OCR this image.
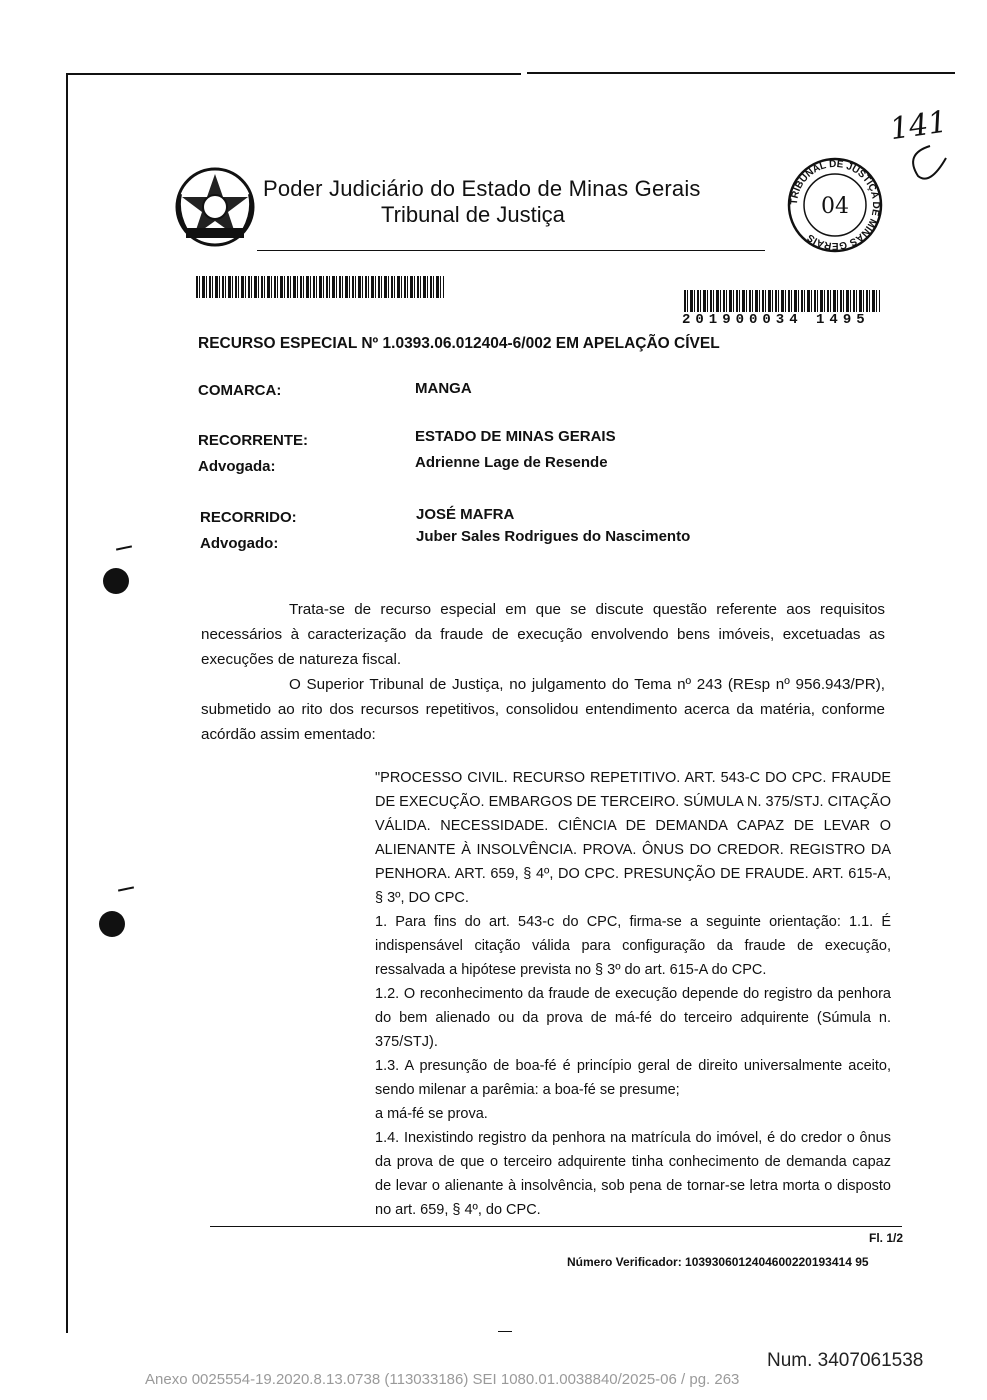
Poder Judiciário do Estado de Minas Gerais
Tribunal de Justiça
TRIBUNAL DE JUSTIÇA DE MINAS GERAIS
04
141
201900034 1495
RECURSO ESPECIAL Nº 1.0393.06.012404-6/002 EM APELAÇÃO CÍVEL
COMARCA:	MANGA
RECORRENTE:	ESTADO DE MINAS GERAIS
Advogada:	Adrienne Lage de Resende
RECORRIDO:	JOSÉ MAFRA
Advogado:	Juber Sales Rodrigues do Nascimento

Trata-se de recurso especial em que se discute questão referente aos requisitos necessários à caracterização da fraude de execução envolvendo bens imóveis, excetuadas as execuções de natureza fiscal.

O Superior Tribunal de Justiça, no julgamento do Tema nº 243 (REsp nº 956.943/PR), submetido ao rito dos recursos repetitivos, consolidou entendimento acerca da matéria, conforme acórdão assim ementado:

"PROCESSO CIVIL. RECURSO REPETITIVO. ART. 543-C DO CPC. FRAUDE DE EXECUÇÃO. EMBARGOS DE TERCEIRO. SÚMULA N. 375/STJ. CITAÇÃO VÁLIDA. NECESSIDADE. CIÊNCIA DE DEMANDA CAPAZ DE LEVAR O ALIENANTE À INSOLVÊNCIA. PROVA. ÔNUS DO CREDOR. REGISTRO DA PENHORA. ART. 659, § 4º, DO CPC. PRESUNÇÃO DE FRAUDE. ART. 615-A, § 3º, DO CPC.

1. Para fins do art. 543-c do CPC, firma-se a seguinte orientação: 1.1. É indispensável citação válida para configuração da fraude de execução, ressalvada a hipótese prevista no § 3º do art. 615-A do CPC.

1.2. O reconhecimento da fraude de execução depende do registro da penhora do bem alienado ou da prova de má-fé do terceiro adquirente (Súmula n. 375/STJ).

1.3. A presunção de boa-fé é princípio geral de direito universalmente aceito, sendo milenar a parêmia: a boa-fé se presume;

a má-fé se prova.

1.4. Inexistindo registro da penhora na matrícula do imóvel, é do credor o ônus da prova de que o terceiro adquirente tinha conhecimento de demanda capaz de levar o alienante à insolvência, sob pena de tornar-se letra morta o disposto no art. 659, § 4º, do CPC.

Fl. 1/2
Número Verificador: 1039306012404600220193414 95
Num. 3407061538
Anexo 0025554-19.2020.8.13.0738 (113033186) SEI 1080.01.0038840/2025-06 / pg. 263
